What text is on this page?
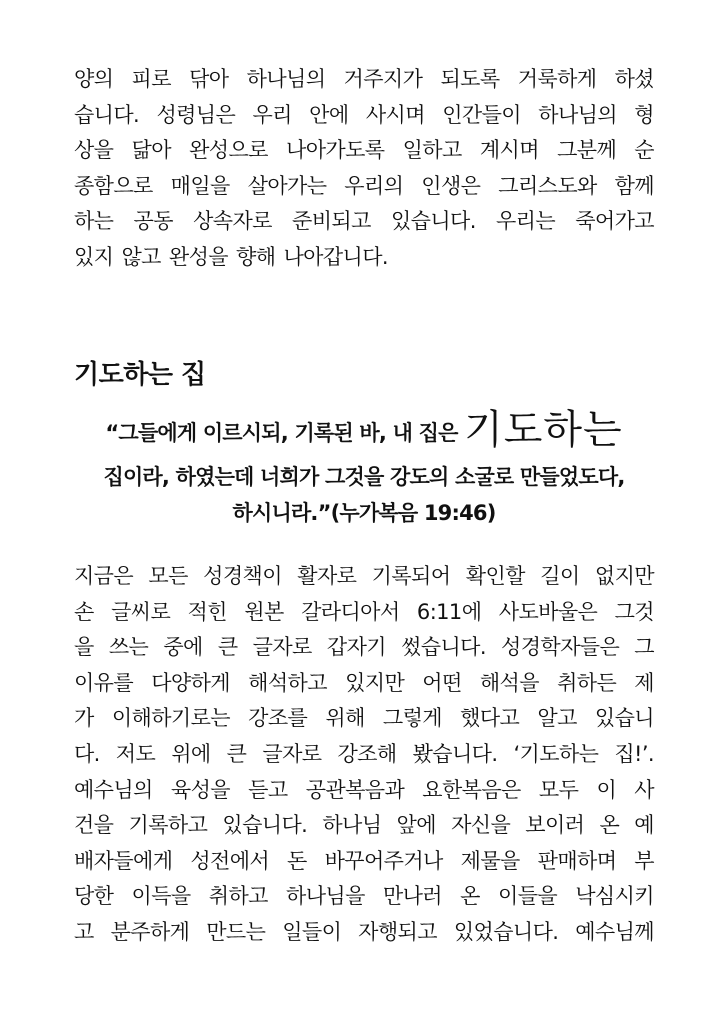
양의 피로 닦아 하나님의 거주지가 되도록 거룩하게 하셨
습니다. 성령님은 우리 안에 사시며 인간들이 하나님의 형
상을 닮아 완성으로 나아가도록 일하고 계시며 그분께 순
종함으로 매일을 살아가는 우리의 인생은 그리스도와 함께
하는 공동 상속자로 준비되고 있습니다. 우리는 죽어가고
있지 않고 완성을 향해 나아갑니다.

기도하는 집
“그들에게 이르시되, 기록된 바, 내 집은 기도하는
집이라, 하였는데 너희가 그것을 강도의 소굴로 만들었도다,
하시니라.”(누가복음 19:46)

지금은 모든 성경책이 활자로 기록되어 확인할 길이 없지만
손 글씨로 적힌 원본 갈라디아서 6:11에 사도바울은 그것
을 쓰는 중에 큰 글자로 갑자기 썼습니다. 성경학자들은 그
이유를 다양하게 해석하고 있지만 어떤 해석을 취하든 제
가 이해하기로는 강조를 위해 그렇게 했다고 알고 있습니
다. 저도 위에 큰 글자로 강조해 봤습니다. ‘기도하는 집!’.
예수님의 육성을 듣고 공관복음과 요한복음은 모두 이 사
건을 기록하고 있습니다. 하나님 앞에 자신을 보이러 온 예
배자들에게 성전에서 돈 바꾸어주거나 제물을 판매하며 부
당한 이득을 취하고 하나님을 만나러 온 이들을 낙심시키
고 분주하게 만드는 일들이 자행되고 있었습니다. 예수님께
